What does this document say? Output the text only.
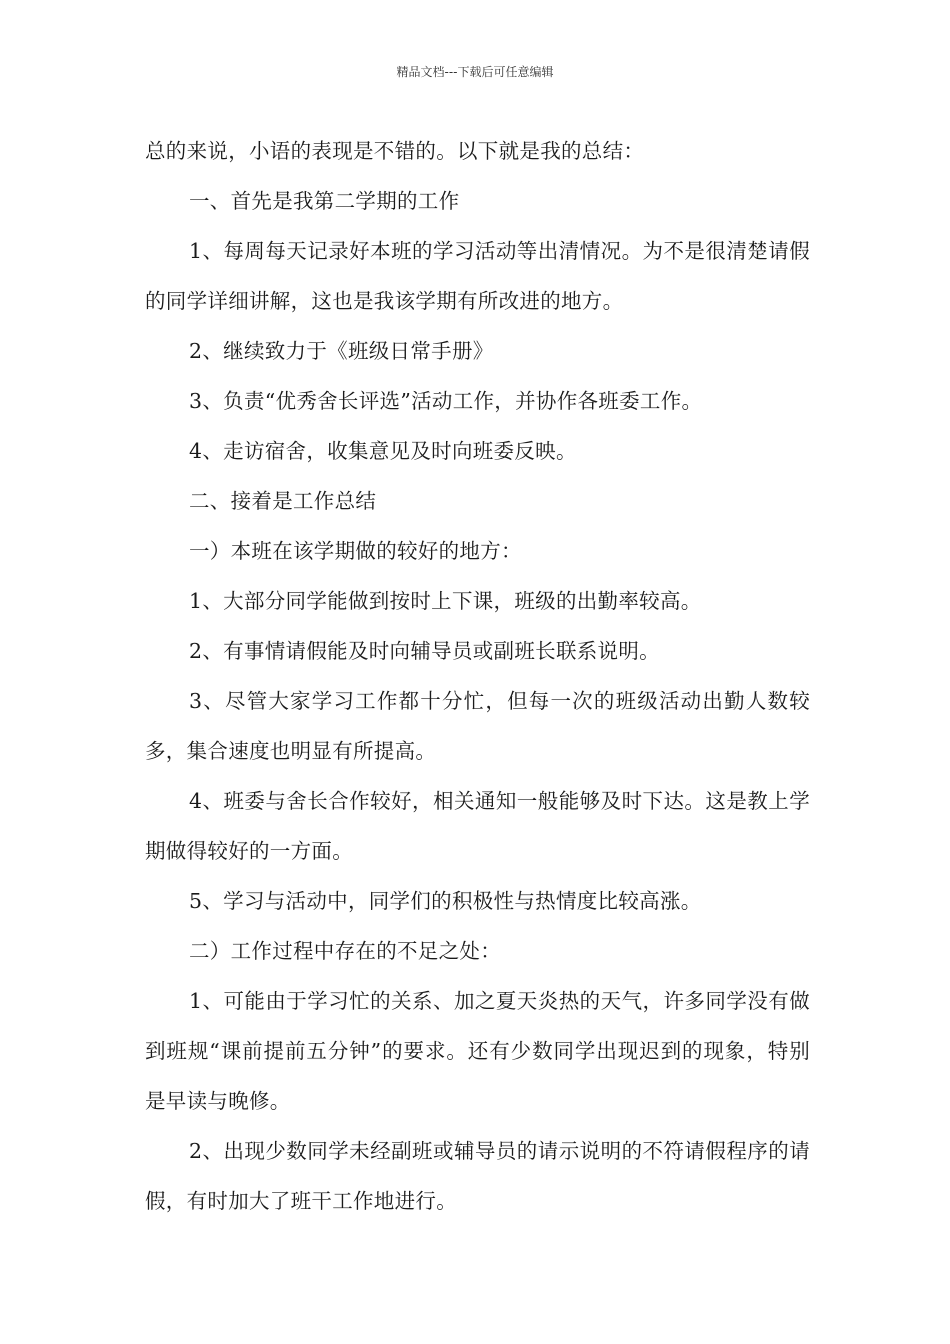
精品文档---下载后可任意编辑

总的来说，小语的表现是不错的。以下就是我的总结：

一、首先是我第二学期的工作

1、每周每天记录好本班的学习活动等出清情况。为不是很清楚请假的同学详细讲解，这也是我该学期有所改进的地方。

2、继续致力于《班级日常手册》

3、负责“优秀舍长评选”活动工作，并协作各班委工作。

4、走访宿舍，收集意见及时向班委反映。

二、接着是工作总结

一）本班在该学期做的较好的地方：

1、大部分同学能做到按时上下课，班级的出勤率较高。

2、有事情请假能及时向辅导员或副班长联系说明。

3、尽管大家学习工作都十分忙，但每一次的班级活动出勤人数较多，集合速度也明显有所提高。

4、班委与舍长合作较好，相关通知一般能够及时下达。这是教上学期做得较好的一方面。

5、学习与活动中，同学们的积极性与热情度比较高涨。

二）工作过程中存在的不足之处：

1、可能由于学习忙的关系、加之夏天炎热的天气，许多同学没有做到班规“课前提前五分钟”的要求。还有少数同学出现迟到的现象，特别是早读与晚修。

2、出现少数同学未经副班或辅导员的请示说明的不符请假程序的请假，有时加大了班干工作地进行。
